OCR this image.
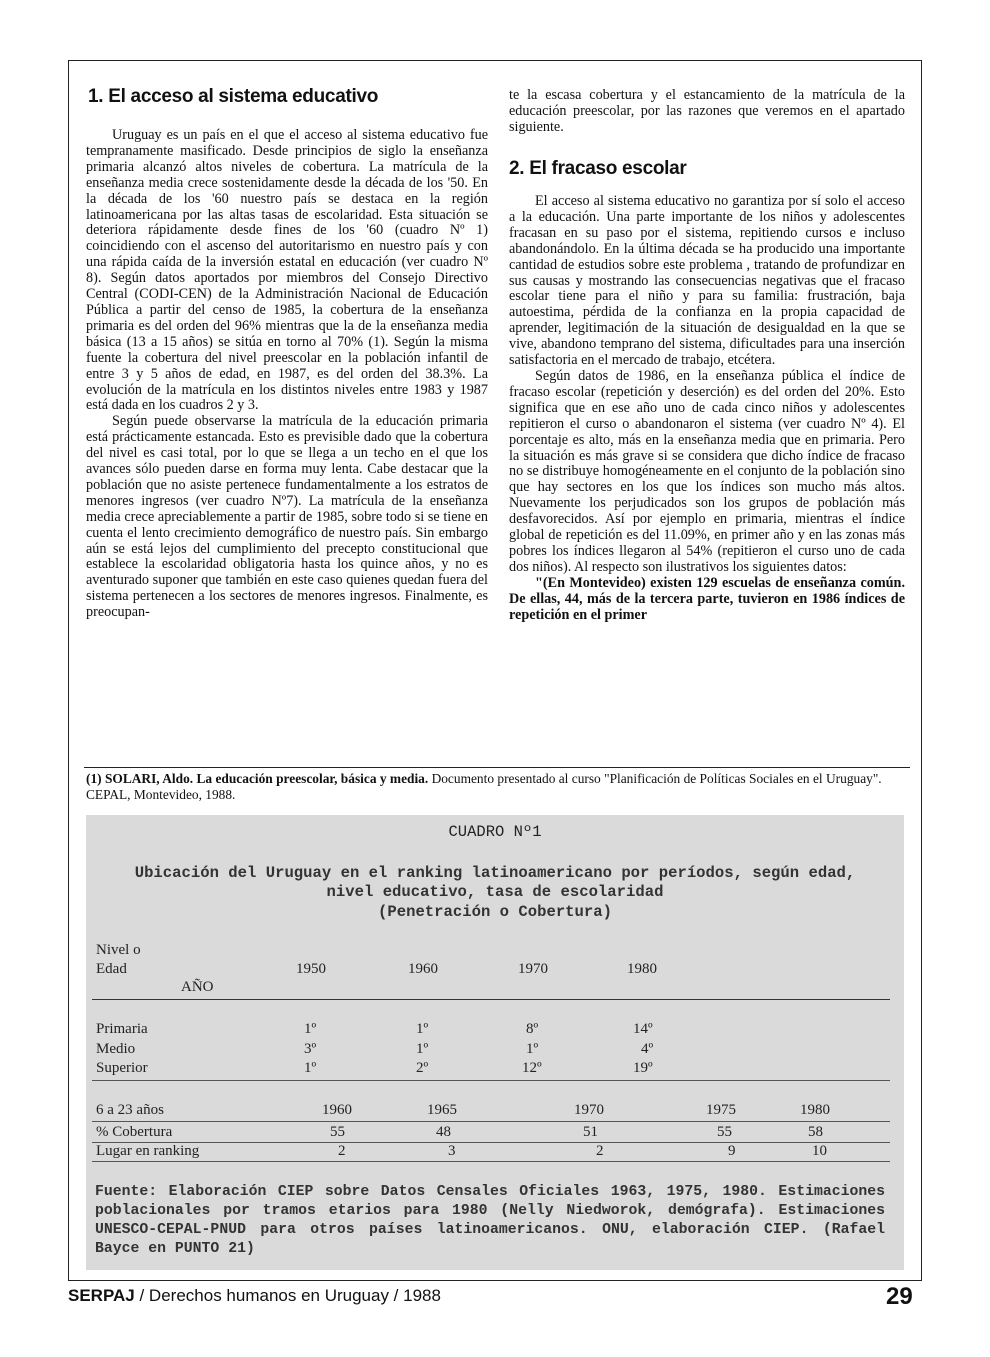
1. El acceso al sistema educativo

Uruguay es un país en el que el acceso al sistema educativo fue tempranamente masificado. Desde principios de siglo la enseñanza primaria alcanzó altos niveles de cobertura. La matrícula de la enseñanza media crece sostenidamente desde la década de los '50. En la década de los '60 nuestro país se destaca en la región latinoamericana por las altas tasas de escolaridad. Esta situación se deteriora rápidamente desde fines de los '60 (cuadro Nº 1) coincidiendo con el ascenso del autoritarismo en nuestro país y con una rápida caída de la inversión estatal en educación (ver cuadro Nº 8). Según datos aportados por miembros del Consejo Directivo Central (CODI-CEN) de la Administración Nacional de Educación Pública a partir del censo de 1985, la cobertura de la enseñanza primaria es del orden del 96% mientras que la de la enseñanza media básica (13 a 15 años) se sitúa en torno al 70% (1). Según la misma fuente la cobertura del nivel preescolar en la población infantil de entre 3 y 5 años de edad, en 1987, es del orden del 38.3%. La evolución de la matrícula en los distintos niveles entre 1983 y 1987 está dada en los cuadros 2 y 3.

Según puede observarse la matrícula de la educación primaria está prácticamente estancada. Esto es previsible dado que la cobertura del nivel es casi total, por lo que se llega a un techo en el que los avances sólo pueden darse en forma muy lenta. Cabe destacar que la población que no asiste pertenece fundamentalmente a los estratos de menores ingresos (ver cuadro Nº7). La matrícula de la enseñanza media crece apreciablemente a partir de 1985, sobre todo si se tiene en cuenta el lento crecimiento demográfico de nuestro país. Sin embargo aún se está lejos del cumplimiento del precepto constitucional que establece la escolaridad obligatoria hasta los quince años, y no es aventurado suponer que también en este caso quienes quedan fuera del sistema pertenecen a los sectores de menores ingresos. Finalmente, es preocupan-

te la escasa cobertura y el estancamiento de la matrícula de la educación preescolar, por las razones que veremos en el apartado siguiente.

2. El fracaso escolar

El acceso al sistema educativo no garantiza por sí solo el acceso a la educación. Una parte importante de los niños y adolescentes fracasan en su paso por el sistema, repitiendo cursos e incluso abandonándolo. En la última década se ha producido una importante cantidad de estudios sobre este problema , tratando de profundizar en sus causas y mostrando las consecuencias negativas que el fracaso escolar tiene para el niño y para su familia: frustración, baja autoestima, pérdida de la confianza en la propia capacidad de aprender, legitimación de la situación de desigualdad en la que se vive, abandono temprano del sistema, dificultades para una inserción satisfactoria en el mercado de trabajo, etcétera.

Según datos de 1986, en la enseñanza pública el índice de fracaso escolar (repetición y deserción) es del orden del 20%. Esto significa que en ese año uno de cada cinco niños y adolescentes repitieron el curso o abandonaron el sistema (ver cuadro Nº 4). El porcentaje es alto, más en la enseñanza media que en primaria. Pero la situación es más grave si se considera que dicho índice de fracaso no se distribuye homogéneamente en el conjunto de la población sino que hay sectores en los que los índices son mucho más altos. Nuevamente los perjudicados son los grupos de población más desfavorecidos. Así por ejemplo en primaria, mientras el índice global de repetición es del 11.09%, en primer año y en las zonas más pobres los índices llegaron al 54% (repitieron el curso uno de cada dos niños). Al respecto son ilustrativos los siguientes datos:

"(En Montevideo) existen 129 escuelas de enseñanza común. De ellas, 44, más de la tercera parte, tuvieron en 1986 índices de repetición en el primer

(1) SOLARI, Aldo. La educación preescolar, básica y media. Documento presentado al curso "Planificación de Políticas Sociales en el Uruguay". CEPAL, Montevideo, 1988.
CUADRO Nº1
Ubicación del Uruguay en el ranking latinoamericano por períodos, según edad,
nivel educativo, tasa de escolaridad
(Penetración o Cobertura)
Nivel o
Edad
AÑO
1950	1960	1970	1980
Primaria	1º	1º	8º	14º
Medio	3º	1º	1º	4º
Superior	1º	2º	12º	19º
6 a 23 años	1960	1965	1970	1975	1980
% Cobertura	55	48	51	55	58
Lugar en ranking	2	3	2	9	10
Fuente: Elaboración CIEP sobre Datos Censales Oficiales 1963, 1975, 1980. Estimaciones poblacionales por tramos etarios para 1980 (Nelly Niedworok, demógrafa). Estimaciones UNESCO-CEPAL-PNUD para otros países latinoamericanos. ONU, elaboración CIEP. (Rafael Bayce en PUNTO 21)
SERPAJ / Derechos humanos en Uruguay / 1988	29
